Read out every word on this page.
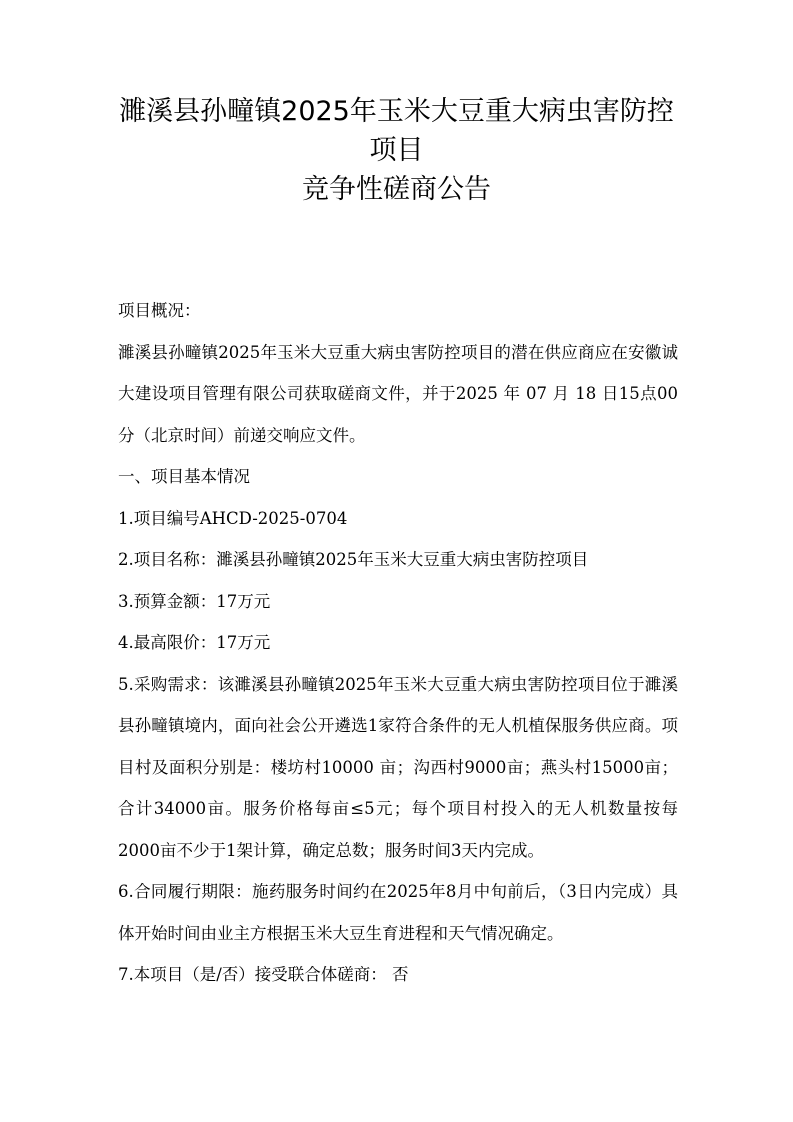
濉溪县孙疃镇2025年玉米大豆重大病虫害防控
项目
竞争性磋商公告

项目概况：

濉溪县孙疃镇2025年玉米大豆重大病虫害防控项目的潜在供应商应在安徽诚大建设项目管理有限公司获取磋商文件，并于2025 年 07 月 18 日15点00分（北京时间）前递交响应文件。

一、项目基本情况

1.项目编号AHCD-2025-0704

2.项目名称：濉溪县孙疃镇2025年玉米大豆重大病虫害防控项目

3.预算金额：17万元

4.最高限价：17万元

5.采购需求：该濉溪县孙疃镇2025年玉米大豆重大病虫害防控项目位于濉溪县孙疃镇境内，面向社会公开遴选1家符合条件的无人机植保服务供应商。项目村及面积分别是：楼坊村10000 亩；沟西村9000亩；燕头村15000亩；合计34000亩。服务价格每亩≤5元；每个项目村投入的无人机数量按每2000亩不少于1架计算，确定总数；服务时间3天内完成。

6.合同履行期限：施药服务时间约在2025年8月中旬前后，（3日内完成）具体开始时间由业主方根据玉米大豆生育进程和天气情况确定。

7.本项目（是/否）接受联合体磋商： 否
